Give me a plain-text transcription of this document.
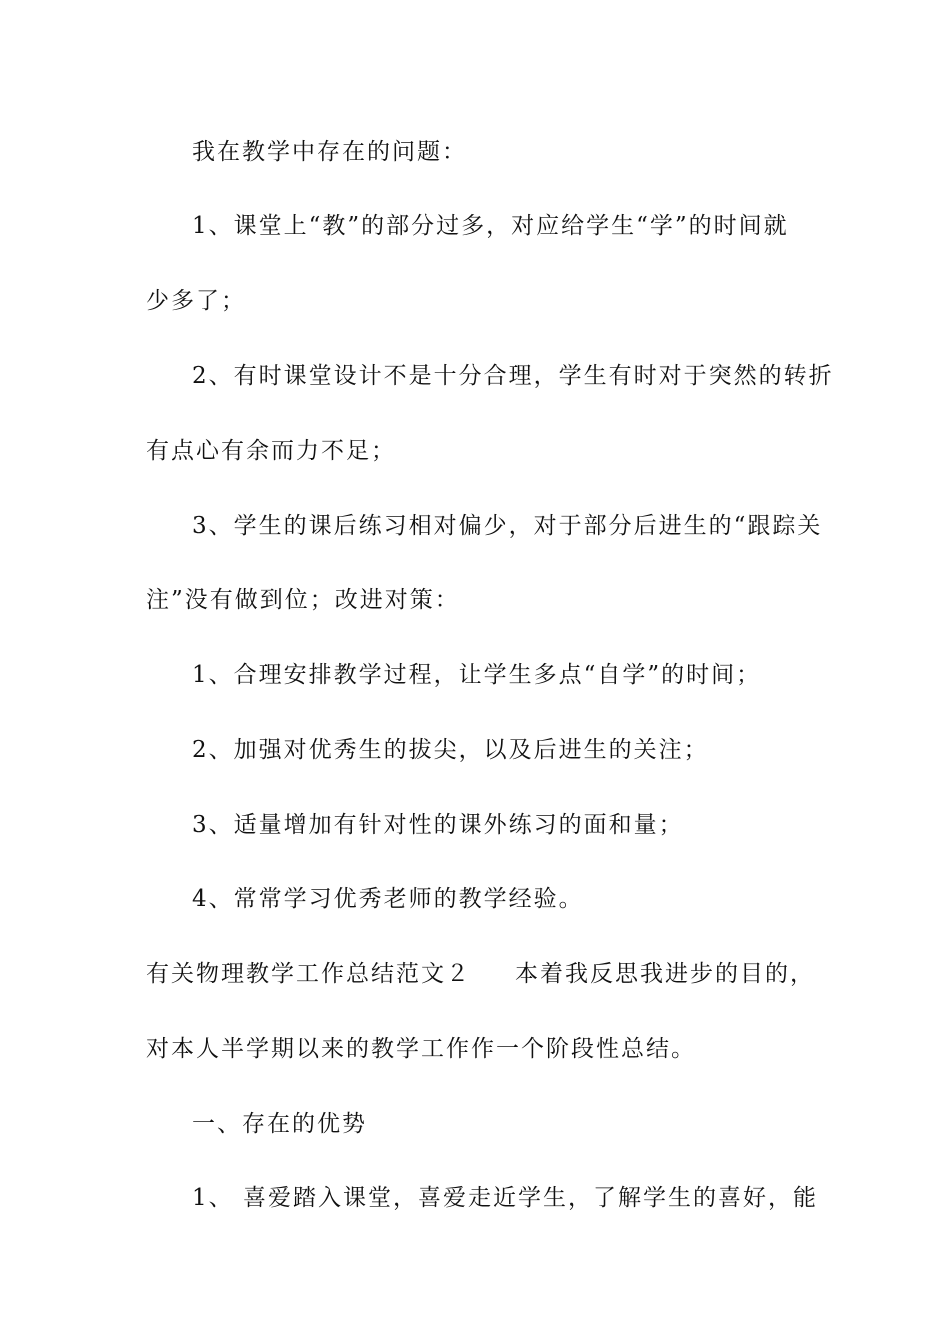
我在教学中存在的问题：
1、课堂上“教”的部分过多，对应给学生“学”的时间就
少多了；
2、有时课堂设计不是十分合理，学生有时对于突然的转折
有点心有余而力不足；
3、学生的课后练习相对偏少，对于部分后进生的“跟踪关
注”没有做到位；改进对策：
1、合理安排教学过程，让学生多点“自学”的时间；
2、加强对优秀生的拔尖，以及后进生的关注；
3、适量增加有针对性的课外练习的面和量；
4、常常学习优秀老师的教学经验。
有关物理教学工作总结范文２ 本着我反思我进步的目的，
对本人半学期以来的教学工作作一个阶段性总结。
一、存在的优势
1、 喜爱踏入课堂，喜爱走近学生，了解学生的喜好，能
